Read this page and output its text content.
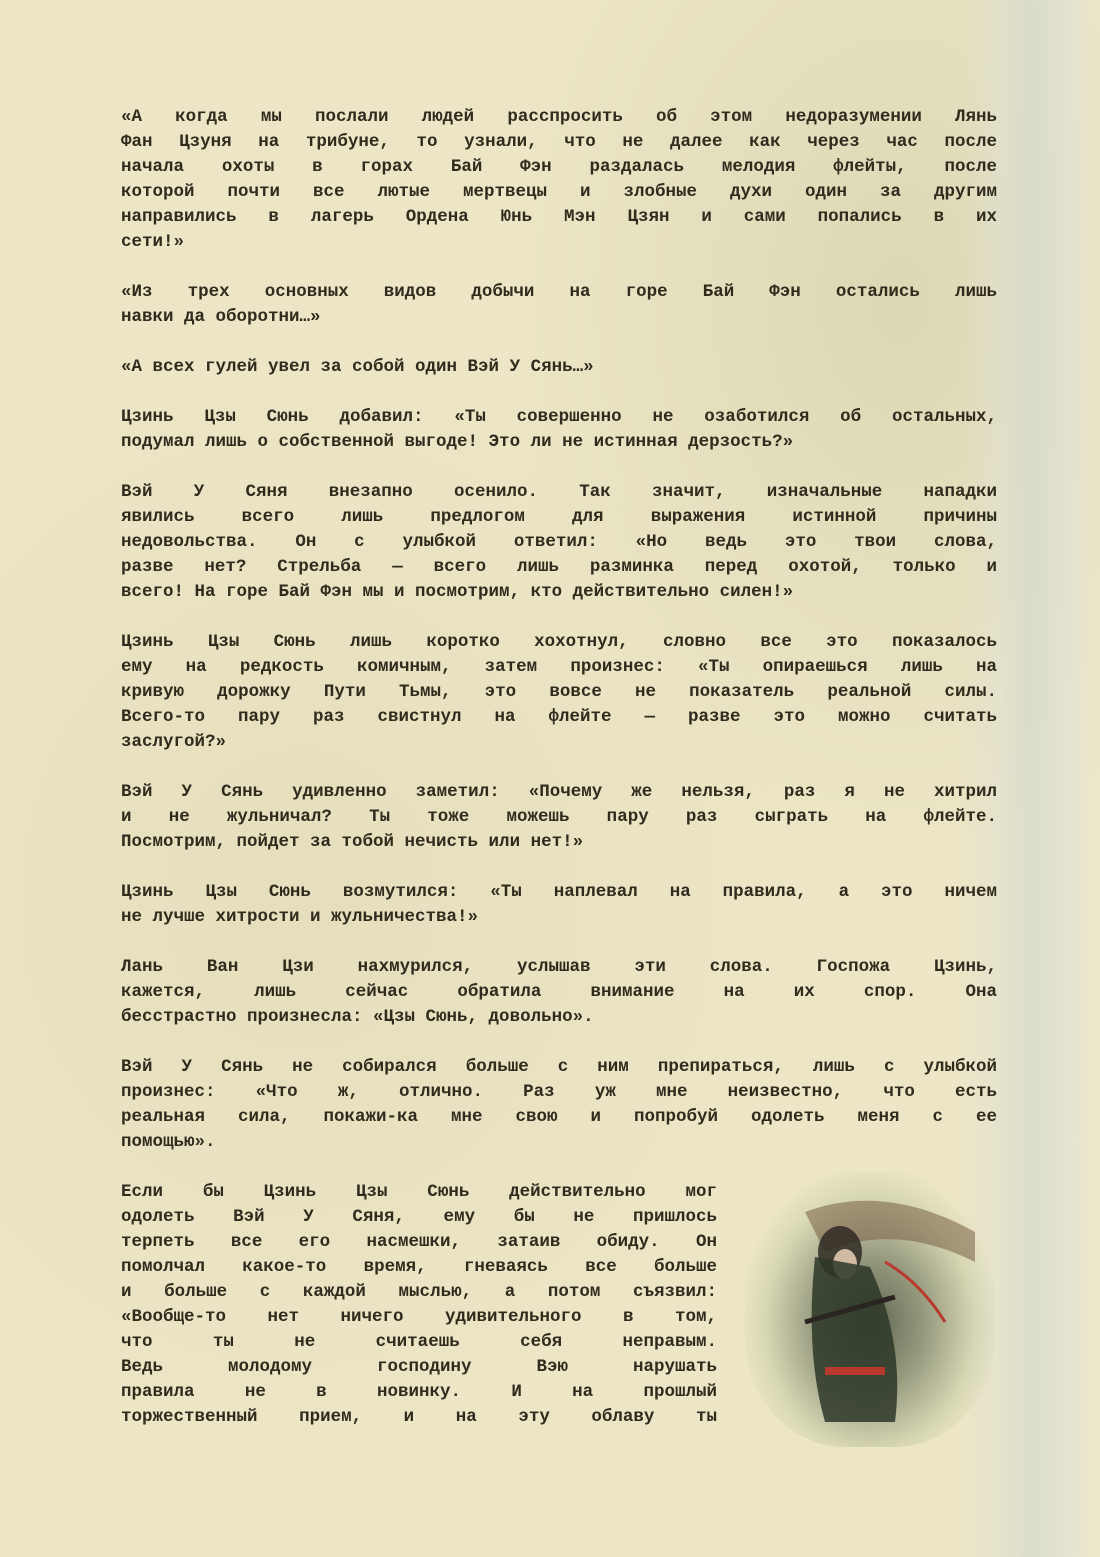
«А когда мы послали людей расспросить об этом недоразумении Лянь
Фан Цзуня на трибуне, то узнали, что не далее как через час после
начала охоты в горах Бай Фэн раздалась мелодия флейты, после
которой почти все лютые мертвецы и злобные духи один за другим
направились в лагерь Ордена Юнь Мэн Цзян и сами попались в их
сети!»
«Из трех основных видов добычи на горе Бай Фэн остались лишь
навки да оборотни…»
«А всех гулей увел за собой один Вэй У Сянь…»
Цзинь Цзы Сюнь добавил: «Ты совершенно не озаботился об остальных,
подумал лишь о собственной выгоде! Это ли не истинная дерзость?»
Вэй У Сяня внезапно осенило. Так значит, изначальные нападки
явились всего лишь предлогом для выражения истинной причины
недовольства. Он с улыбкой ответил: «Но ведь это твои слова,
разве нет? Стрельба — всего лишь разминка перед охотой, только и
всего! На горе Бай Фэн мы и посмотрим, кто действительно силен!»
Цзинь Цзы Сюнь лишь коротко хохотнул, словно все это показалось
ему на редкость комичным, затем произнес: «Ты опираешься лишь на
кривую дорожку Пути Тьмы, это вовсе не показатель реальной силы.
Всего-то пару раз свистнул на флейте — разве это можно считать
заслугой?»
Вэй У Сянь удивленно заметил: «Почему же нельзя, раз я не хитрил
и не жульничал? Ты тоже можешь пару раз сыграть на флейте.
Посмотрим, пойдет за тобой нечисть или нет!»
Цзинь Цзы Сюнь возмутился: «Ты наплевал на правила, а это ничем
не лучше хитрости и жульничества!»
Лань Ван Цзи нахмурился, услышав эти слова. Госпожа Цзинь,
кажется, лишь сейчас обратила внимание на их спор. Она
бесстрастно произнесла: «Цзы Сюнь, довольно».
Вэй У Сянь не собирался больше с ним препираться, лишь с улыбкой
произнес: «Что ж, отлично. Раз уж мне неизвестно, что есть
реальная сила, покажи-ка мне свою и попробуй одолеть меня с ее
помощью».
Если бы Цзинь Цзы Сюнь действительно мог
одолеть Вэй У Сяня, ему бы не пришлось
терпеть все его насмешки, затаив обиду. Он
помолчал какое-то время, гневаясь все больше
и больше с каждой мыслью, а потом съязвил:
«Вообще-то нет ничего удивительного в том,
что ты не считаешь себя неправым.
Ведь молодому господину Вэю нарушать
правила не в новинку. И на прошлый
торжественный прием, и на эту облаву ты
